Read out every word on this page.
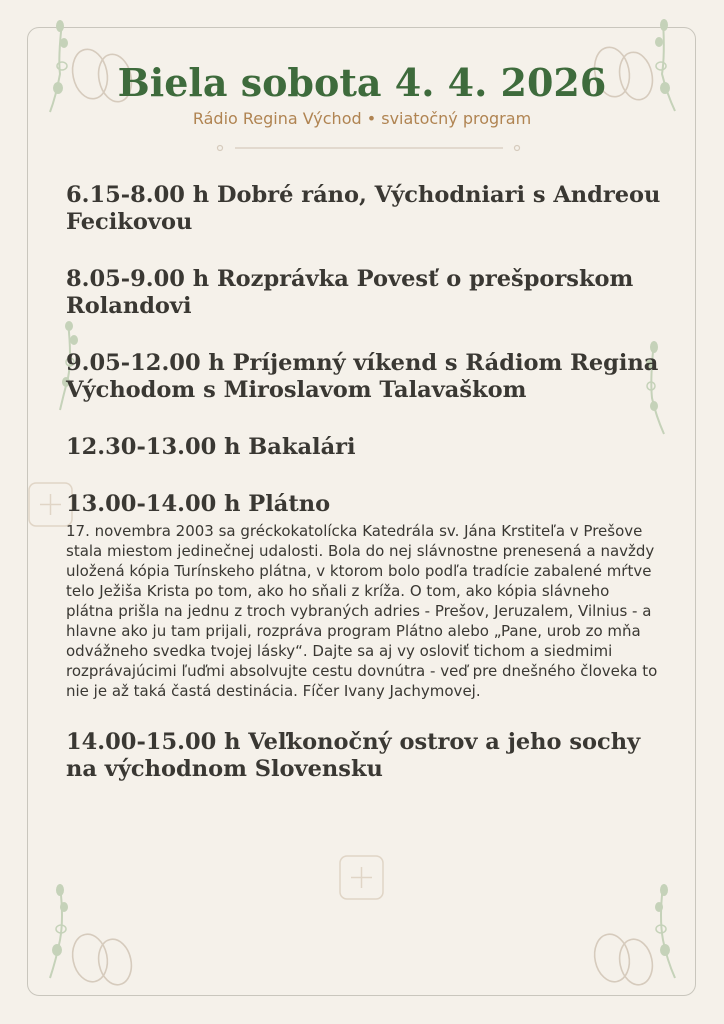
Biela sobota 4. 4. 2026
Rádio Regina Východ • sviatočný program
6.15-8.00 h Dobré ráno, Východniari s Andreou Fecikovou
8.05-9.00 h Rozprávka Povesť o prešporskom Rolandovi
9.05-12.00 h Príjemný víkend s Rádiom Regina Východom s Miroslavom Talavaškom
12.30-13.00 h Bakalári
13.00-14.00 h Plátno

17. novembra 2003 sa gréckokatolícka Katedrála sv. Jána Krstiteľa v Prešove stala miestom jedinečnej udalosti. Bola do nej slávnostne prenesená a navždy uložená kópia Turínskeho plátna, v ktorom bolo podľa tradície zabalené mŕtve telo Ježiša Krista po tom, ako ho sňali z kríža. O tom, ako kópia slávneho plátna prišla na jednu z troch vybraných adries - Prešov, Jeruzalem, Vilnius - a hlavne ako ju tam prijali, rozpráva program Plátno alebo „Pane, urob zo mňa odvážneho svedka tvojej lásky“. Dajte sa aj vy osloviť tichom a siedmimi rozprávajúcimi ľuďmi absolvujte cestu dovnútra - veď pre dnešného človeka to nie je až taká častá destinácia. Fíčer Ivany Jachymovej.

14.00-15.00 h Veľkonočný ostrov a jeho sochy na východnom Slovensku
